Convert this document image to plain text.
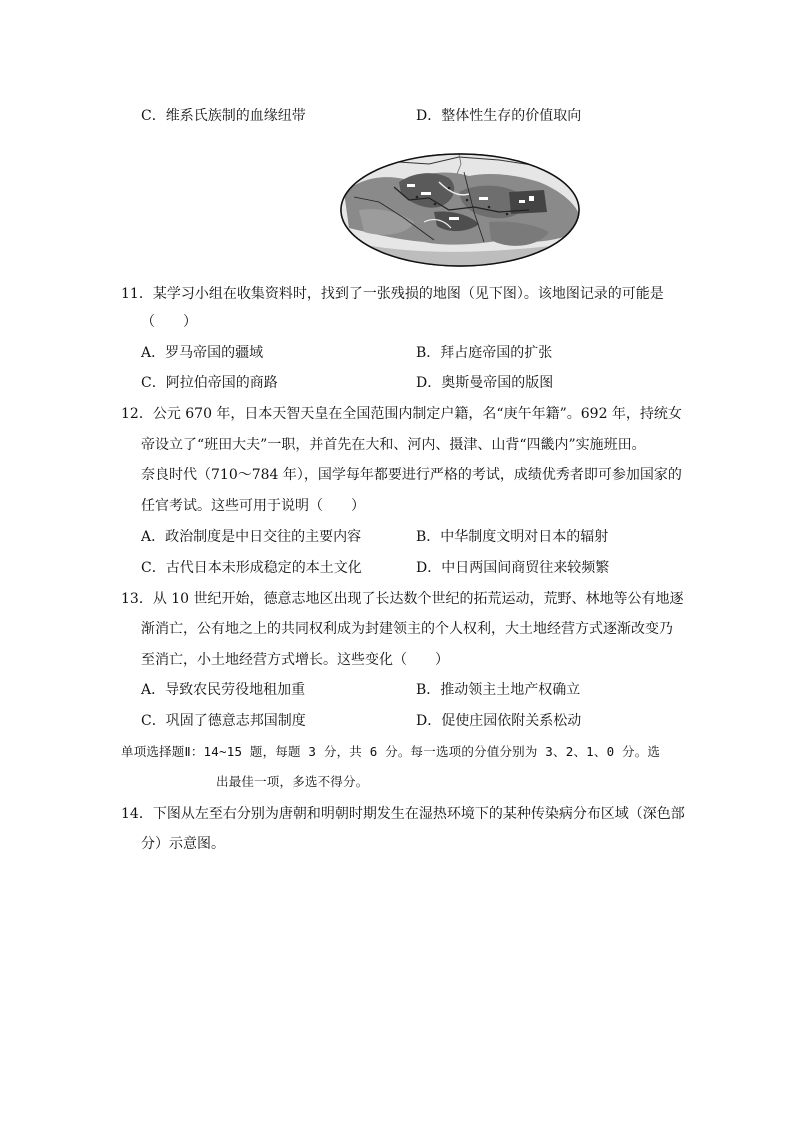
C．维系氏族制的血缘纽带	D．整体性生存的价值取向
11．某学习小组在收集资料时，找到了一张残损的地图（见下图）。该地图记录的可能是
（　　）
A．罗马帝国的疆域	B．拜占庭帝国的扩张
C．阿拉伯帝国的商路	D．奥斯曼帝国的版图
12．公元 670 年，日本天智天皇在全国范围内制定户籍，名“庚午年籍”。692 年，持统女
帝设立了“班田大夫”一职，并首先在大和、河内、摄津、山背“四畿内”实施班田。
奈良时代（710～784 年），国学每年都要进行严格的考试，成绩优秀者即可参加国家的
任官考试。这些可用于说明（　　）
A．政治制度是中日交往的主要内容	B．中华制度文明对日本的辐射
C．古代日本未形成稳定的本土文化	D．中日两国间商贸往来较频繁
13．从 10 世纪开始，德意志地区出现了长达数个世纪的拓荒运动，荒野、林地等公有地逐
渐消亡，公有地之上的共同权利成为封建领主的个人权利，大土地经营方式逐渐改变乃
至消亡，小土地经营方式增长。这些变化（　　）
A．导致农民劳役地租加重	B．推动领主土地产权确立
C．巩固了德意志邦国制度	D．促使庄园依附关系松动
单项选择题Ⅱ：14~15 题，每题 3 分，共 6 分。每一选项的分值分别为 3、2、1、0 分。选
出最佳一项，多选不得分。
14．下图从左至右分别为唐朝和明朝时期发生在湿热环境下的某种传染病分布区域（深色部
分）示意图。
